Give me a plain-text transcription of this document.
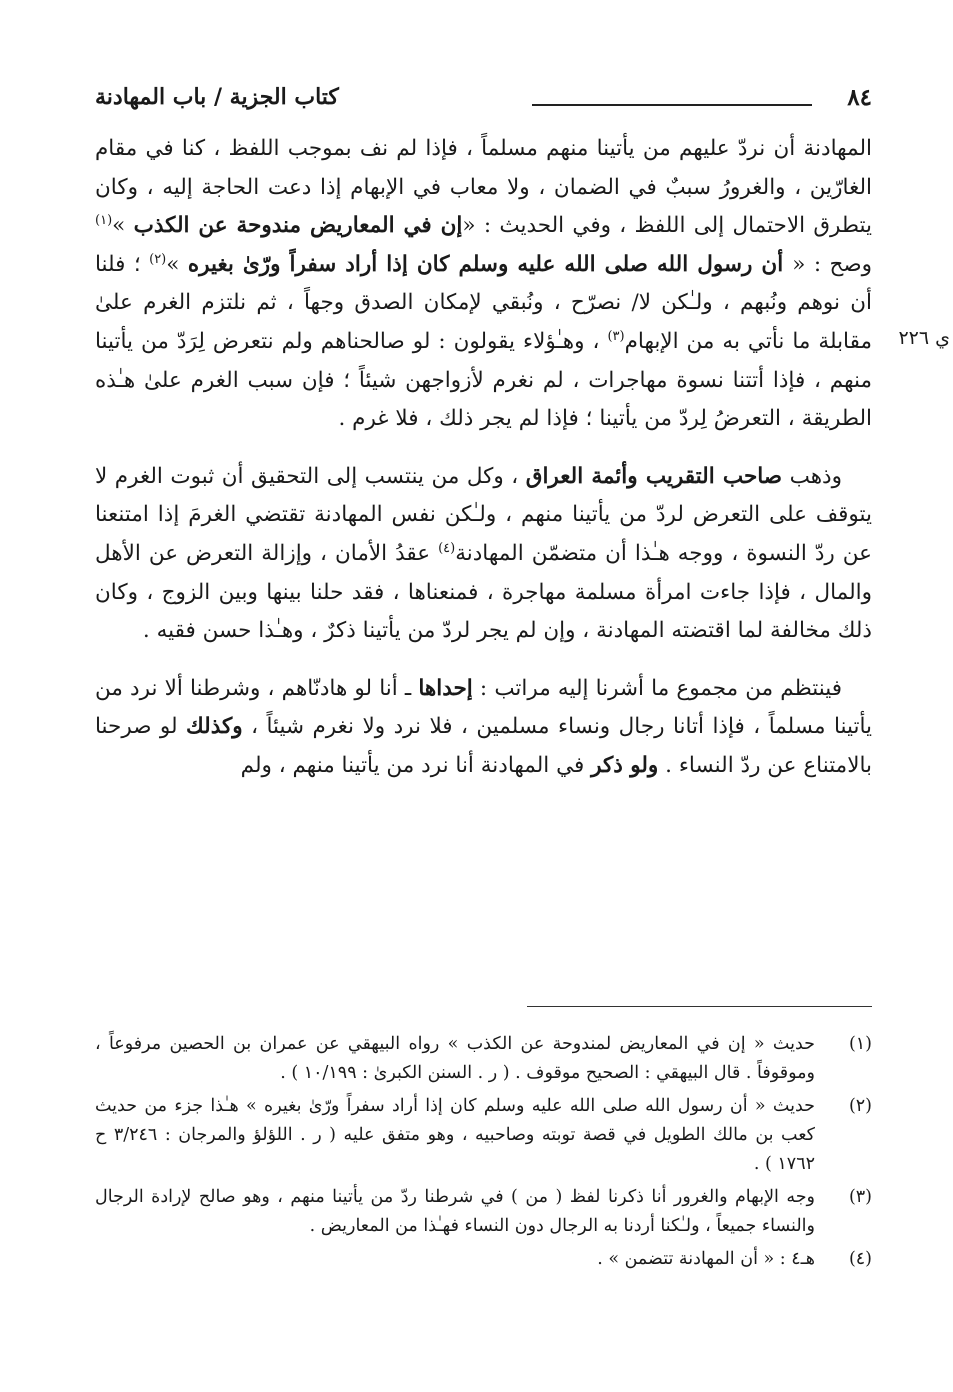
٨٤
كتاب الجزية / باب المهادنة
ي ٢٢٦

المهادنة أن نردّ عليهم من يأتينا منهم مسلماً ، فإذا لم نف بموجب اللفظ ، كنا في مقام الغارّين ، والغرورُ سببٌ في الضمان ، ولا معاب في الإبهام إذا دعت الحاجة إليه ، وكان يتطرق الاحتمال إلى اللفظ ، وفي الحديث : «إن في المعاريض مندوحة عن الكذب »$^{(١)}$ وصح : « أن رسول الله صلى الله عليه وسلم كان إذا أراد سفراً ورّىٰ بغيره »$^{(٢)}$ ؛ فلنا أن نوهم ونُبهم ، ولـٰكن لا/ نصرّح ، ونُبقي لإمكان الصدق وجهاً ، ثم نلتزم الغرم علىٰ مقابلة ما نأتي به من الإبهام$^{(٣)}$ ، وهـٰؤلاء يقولون : لو صالحناهم ولم نتعرض لِرَدّ من يأتينا منهم ، فإذا أتتنا نسوة مهاجرات ، لم نغرم لأزواجهن شيئاً ؛ فإن سبب الغرم علىٰ هـٰذه الطريقة ، التعرضُ لِردّ من يأتينا ؛ فإذا لم يجر ذلك ، فلا غرم .

وذهب صاحب التقريب وأئمة العراق ، وكل من ينتسب إلى التحقيق أن ثبوت الغرم لا يتوقف على التعرض لردّ من يأتينا منهم ، ولـٰكن نفس المهادنة تقتضي الغرمَ إذا امتنعنا عن ردّ النسوة ، ووجه هـٰذا أن متضمّن المهادنة$^{(٤)}$ عقدُ الأمان ، وإزالة التعرض عن الأهل والمال ، فإذا جاءت امرأة مسلمة مهاجرة ، فمنعناها ، فقد حلنا بينها وبين الزوج ، وكان ذلك مخالفة لما اقتضته المهادنة ، وإن لم يجر لردّ من يأتينا ذكرٌ ، وهـٰذا حسن فقيه .

فينتظم من مجموع ما أشرنا إليه مراتب : إحداها ـ أنا لو هادنّاهم ، وشرطنا ألا نرد من يأتينا مسلماً ، فإذا أتانا رجال ونساء مسلمين ، فلا نرد ولا نغرم شيئاً ، وكذلك لو صرحنا بالامتناع عن ردّ النساء . ولو ذكر في المهادنة أنا نرد من يأتينا منهم ، ولم

(١)
حديث « إن في المعاريض لمندوحة عن الكذب » رواه البيهقي عن عمران بن الحصين مرفوعاً ، وموقوفاً . قال البيهقي : الصحيح موقوف . ( ر . السنن الكبرىٰ : ١٠/١٩٩ ) .
(٢)
حديث « أن رسول الله صلى الله عليه وسلم كان إذا أراد سفراً ورّىٰ بغيره » هـٰذا جزء من حديث كعب بن مالك الطويل في قصة توبته وصاحبيه ، وهو متفق عليه ( ر . اللؤلؤ والمرجان : ٣/٢٤٦ ح ١٧٦٢ ) .
(٣)
وجه الإبهام والغرور أنا ذكرنا لفظ ( من ) في شرطنا ردّ من يأتينا منهم ، وهو صالح لإرادة الرجال والنساء جميعاً ، ولـٰكنا أردنا به الرجال دون النساء فهـٰذا من المعاريض .
(٤)
هـ٤ : « أن المهادنة تتضمن » .
